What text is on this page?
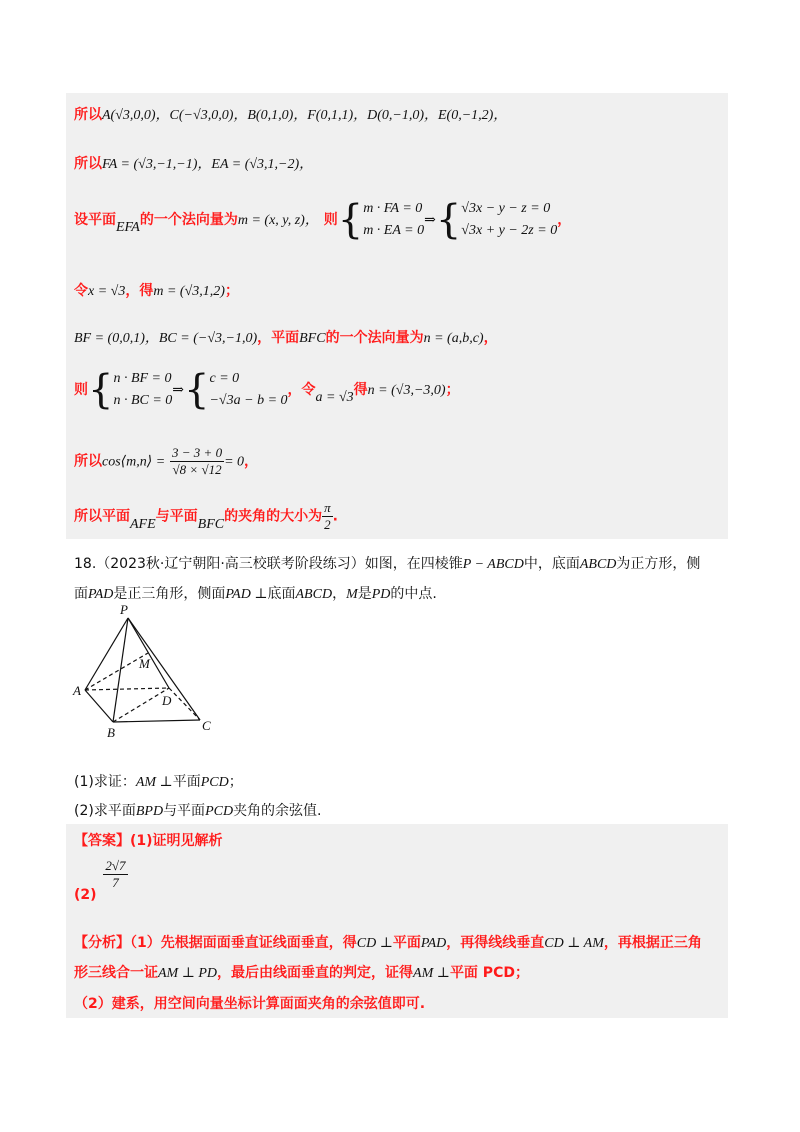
所以A(√3,0,0)，C(−√3,0,0)，B(0,1,0)，F(0,1,1)，D(0,−1,0)，E(0,−1,2)，
所以FA = (√3,−1,−1)，EA = (√3,1,−2)，
设平面EFA的一个法向量为m = (x, y, z)， 则{ m · FA = 0
m · EA = 0
⇒{ √3x − y − z = 0
√3x + y − 2z = 0
，
令x = √3，得m = (√3,1,2)；
BF = (0,0,1)，BC = (−√3,−1,0)，平面BFC的一个法向量为n = (a,b,c)，
则{ n · BF = 0
n · BC = 0
⇒{ c = 0
−√3a − b = 0
，令a = √3得n = (√3,−3,0)；
所以cos⟨m,n⟩ = $\frac{3 - 3 + 0}{√8 \times √12} = 0$，
所以平面AFE与平面BFC的夹角的大小为 $\frac{\pi}{2}$ .
18.（2023秋·辽宁朝阳·高三校联考阶段练习）如图，在四棱锥P − ABCD中，底面ABCD为正方形，侧
面PAD是正三角形，侧面PAD ⊥底面ABCD，M是PD的中点.
P
M
A
D
B	C
(1)求证：AM ⊥平面PCD；
(2)求平面BPD与平面PCD夹角的余弦值.
【答案】(1)证明见解析
(2)
$\frac{2√7}{7}$
【分析】（1）先根据面面垂直证线面垂直，得CD ⊥平面PAD，再得线线垂直CD ⊥ AM，再根据正三角
形三线合一证AM ⊥ PD，最后由线面垂直的判定，证得AM ⊥平面 PCD；
（2）建系，用空间向量坐标计算面面夹角的余弦值即可.
